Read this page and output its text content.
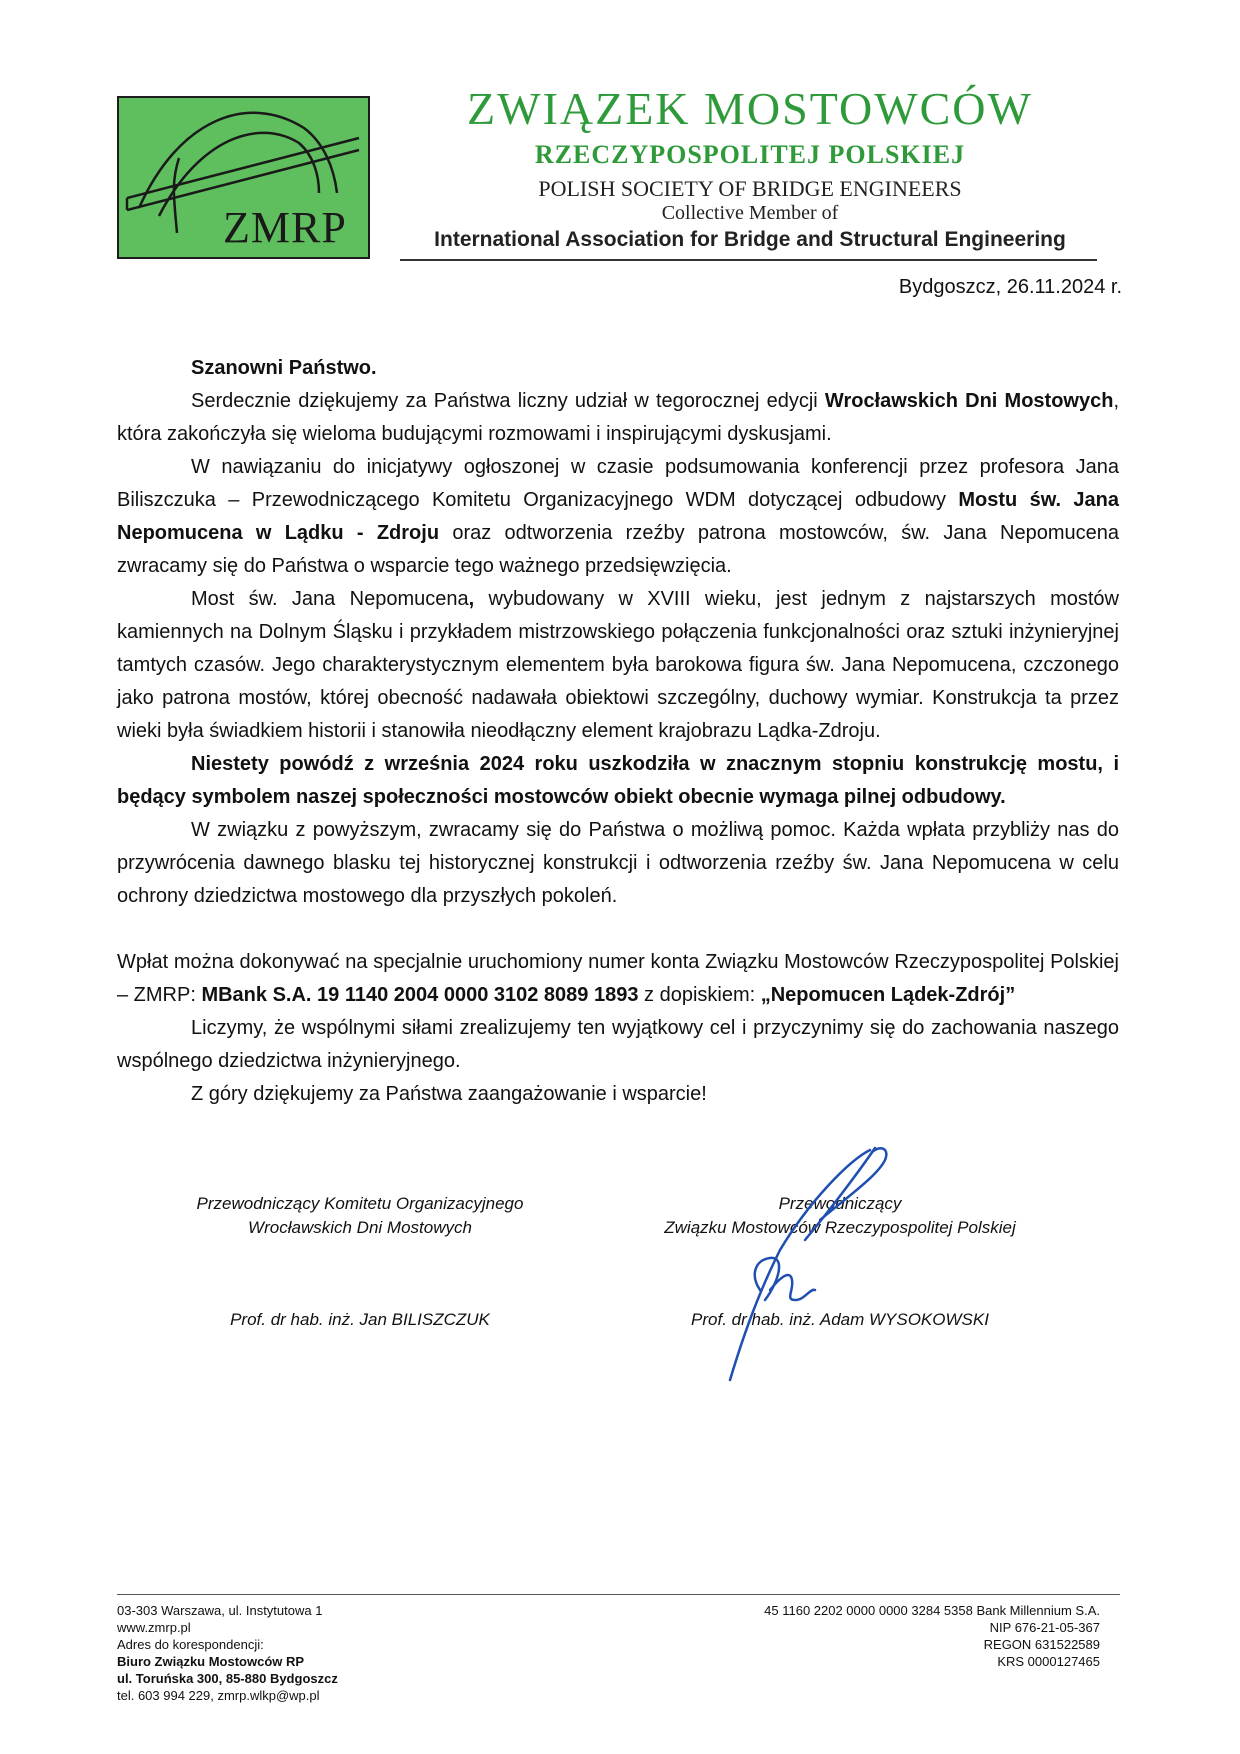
ZMRP
ZWIĄZEK MOSTOWCÓW
RZECZYPOSPOLITEJ POLSKIEJ
POLISH SOCIETY OF BRIDGE ENGINEERS
Collective Member of
International Association for Bridge and Structural Engineering
Bydgoszcz, 26.11.2024 r.

Szanowni Państwo.

Serdecznie dziękujemy za Państwa liczny udział w tegorocznej edycji Wrocławskich Dni Mostowych, która zakończyła się wieloma budującymi rozmowami i inspirującymi dyskusjami.

W nawiązaniu do inicjatywy ogłoszonej w czasie podsumowania konferencji przez profesora Jana Biliszczuka – Przewodniczącego Komitetu Organizacyjnego WDM dotyczącej odbudowy Mostu św. Jana Nepomucena w Lądku - Zdroju oraz odtworzenia rzeźby patrona mostowców, św. Jana Nepomucena zwracamy się do Państwa o wsparcie tego ważnego przedsięwzięcia.

Most św. Jana Nepomucena, wybudowany w XVIII wieku, jest jednym z najstarszych mostów kamiennych na Dolnym Śląsku i przykładem mistrzowskiego połączenia funkcjonalności oraz sztuki inżynieryjnej tamtych czasów. Jego charakterystycznym elementem była barokowa figura św. Jana Nepomucena, czczonego jako patrona mostów, której obecność nadawała obiektowi szczególny, duchowy wymiar. Konstrukcja ta przez wieki była świadkiem historii i stanowiła nieodłączny element krajobrazu Lądka-Zdroju.

Niestety powódź z września 2024 roku uszkodziła w znacznym stopniu konstrukcję mostu, i będący symbolem naszej społeczności mostowców obiekt obecnie wymaga pilnej odbudowy.

W związku z powyższym, zwracamy się do Państwa o możliwą pomoc. Każda wpłata przybliży nas do przywrócenia dawnego blasku tej historycznej konstrukcji i odtworzenia rzeźby św. Jana Nepomucena w celu ochrony dziedzictwa mostowego dla przyszłych pokoleń.

Wpłat można dokonywać na specjalnie uruchomiony numer konta Związku Mostowców Rzeczypospolitej Polskiej – ZMRP: MBank S.A. 19 1140 2004 0000 3102 8089 1893 z dopiskiem: „Nepomucen Lądek-Zdrój”

Liczymy, że wspólnymi siłami zrealizujemy ten wyjątkowy cel i przyczynimy się do zachowania naszego wspólnego dziedzictwa inżynieryjnego.

Z góry dziękujemy za Państwa zaangażowanie i wsparcie!

Przewodniczący Komitetu Organizacyjnego
Wrocławskich Dni Mostowych
Przewodniczący
Związku Mostowców Rzeczypospolitej Polskiej
Prof. dr hab. inż. Jan BILISZCZUK	Prof. dr hab. inż. Adam WYSOKOWSKI
03-303 Warszawa, ul. Instytutowa 1
www.zmrp.pl
Adres do korespondencji:
Biuro Związku Mostowców RP
ul. Toruńska 300, 85-880 Bydgoszcz
tel. 603 994 229, zmrp.wlkp@wp.pl
45 1160 2202 0000 0000 3284 5358 Bank Millennium S.A.
NIP 676-21-05-367
REGON 631522589
KRS 0000127465
